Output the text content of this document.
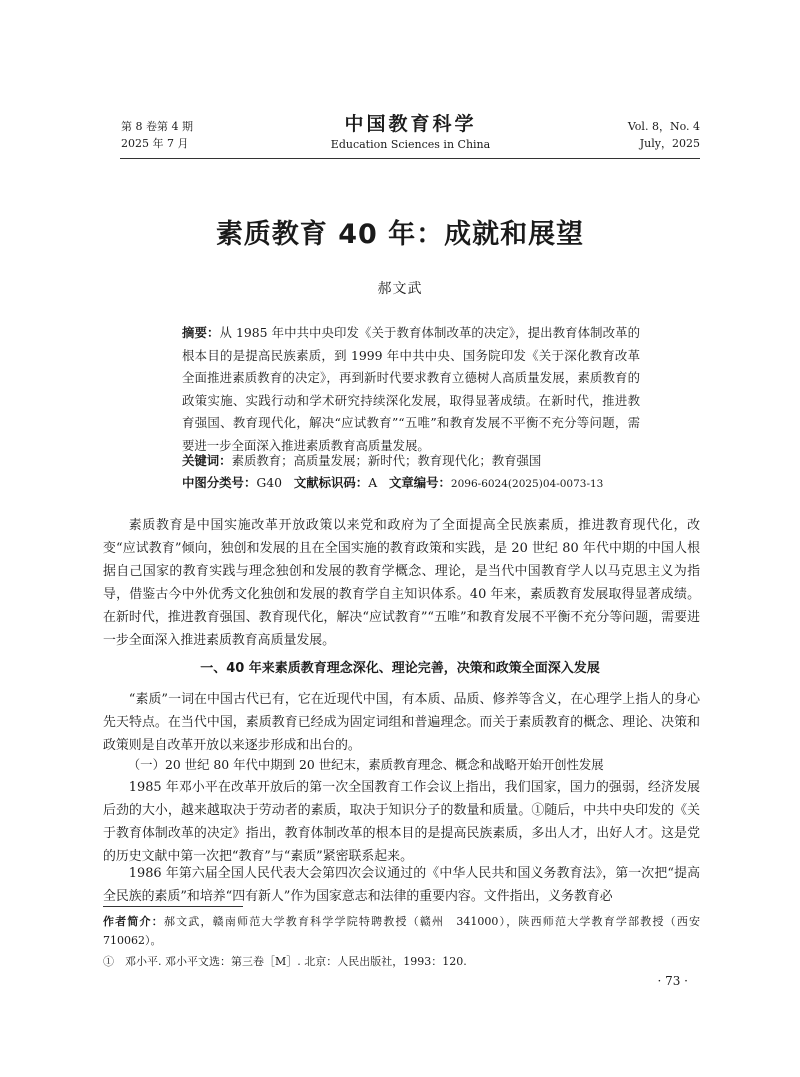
第 8 卷第 4 期
2025 年 7 月
中国教育科学
Education Sciences in China
Vol. 8，No. 4
July，2025
素质教育 40 年：成就和展望
郝文武
摘要：从 1985 年中共中央印发《关于教育体制改革的决定》，提出教育体制改革的根本目的是提高民族素质，到 1999 年中共中央、国务院印发《关于深化教育改革全面推进素质教育的决定》，再到新时代要求教育立德树人高质量发展，素质教育的政策实施、实践行动和学术研究持续深化发展，取得显著成绩。在新时代，推进教育强国、教育现代化，解决“应试教育”“五唯”和教育发展不平衡不充分等问题，需要进一步全面深入推进素质教育高质量发展。
关键词：素质教育；高质量发展；新时代；教育现代化；教育强国
中图分类号：G40 文献标识码：A 文章编号：2096-6024(2025)04-0073-13

素质教育是中国实施改革开放政策以来党和政府为了全面提高全民族素质，推进教育现代化，改变“应试教育”倾向，独创和发展的且在全国实施的教育政策和实践，是 20 世纪 80 年代中期的中国人根据自己国家的教育实践与理念独创和发展的教育学概念、理论，是当代中国教育学人以马克思主义为指导，借鉴古今中外优秀文化独创和发展的教育学自主知识体系。40 年来，素质教育发展取得显著成绩。在新时代，推进教育强国、教育现代化，解决“应试教育”“五唯”和教育发展不平衡不充分等问题，需要进一步全面深入推进素质教育高质量发展。

一、40 年来素质教育理念深化、理论完善，决策和政策全面深入发展

“素质”一词在中国古代已有，它在近现代中国，有本质、品质、修养等含义，在心理学上指人的身心先天特点。在当代中国，素质教育已经成为固定词组和普遍理念。而关于素质教育的概念、理论、决策和政策则是自改革开放以来逐步形成和出台的。

（一）20 世纪 80 年代中期到 20 世纪末，素质教育理念、概念和战略开始开创性发展

1985 年邓小平在改革开放后的第一次全国教育工作会议上指出，我们国家，国力的强弱，经济发展后劲的大小，越来越取决于劳动者的素质，取决于知识分子的数量和质量。①随后，中共中央印发的《关于教育体制改革的决定》指出，教育体制改革的根本目的是提高民族素质，多出人才，出好人才。这是党的历史文献中第一次把“教育”与“素质”紧密联系起来。

1986 年第六届全国人民代表大会第四次会议通过的《中华人民共和国义务教育法》，第一次把“提高全民族的素质”和培养“四有新人”作为国家意志和法律的重要内容。文件指出，义务教育必

作者简介：郝文武，赣南师范大学教育科学学院特聘教授（赣州　341000），陕西师范大学教育学部教授（西安　710062）。
①　邓小平. 邓小平文选：第三卷［M］. 北京：人民出版社，1993：120.
· 73 ·
